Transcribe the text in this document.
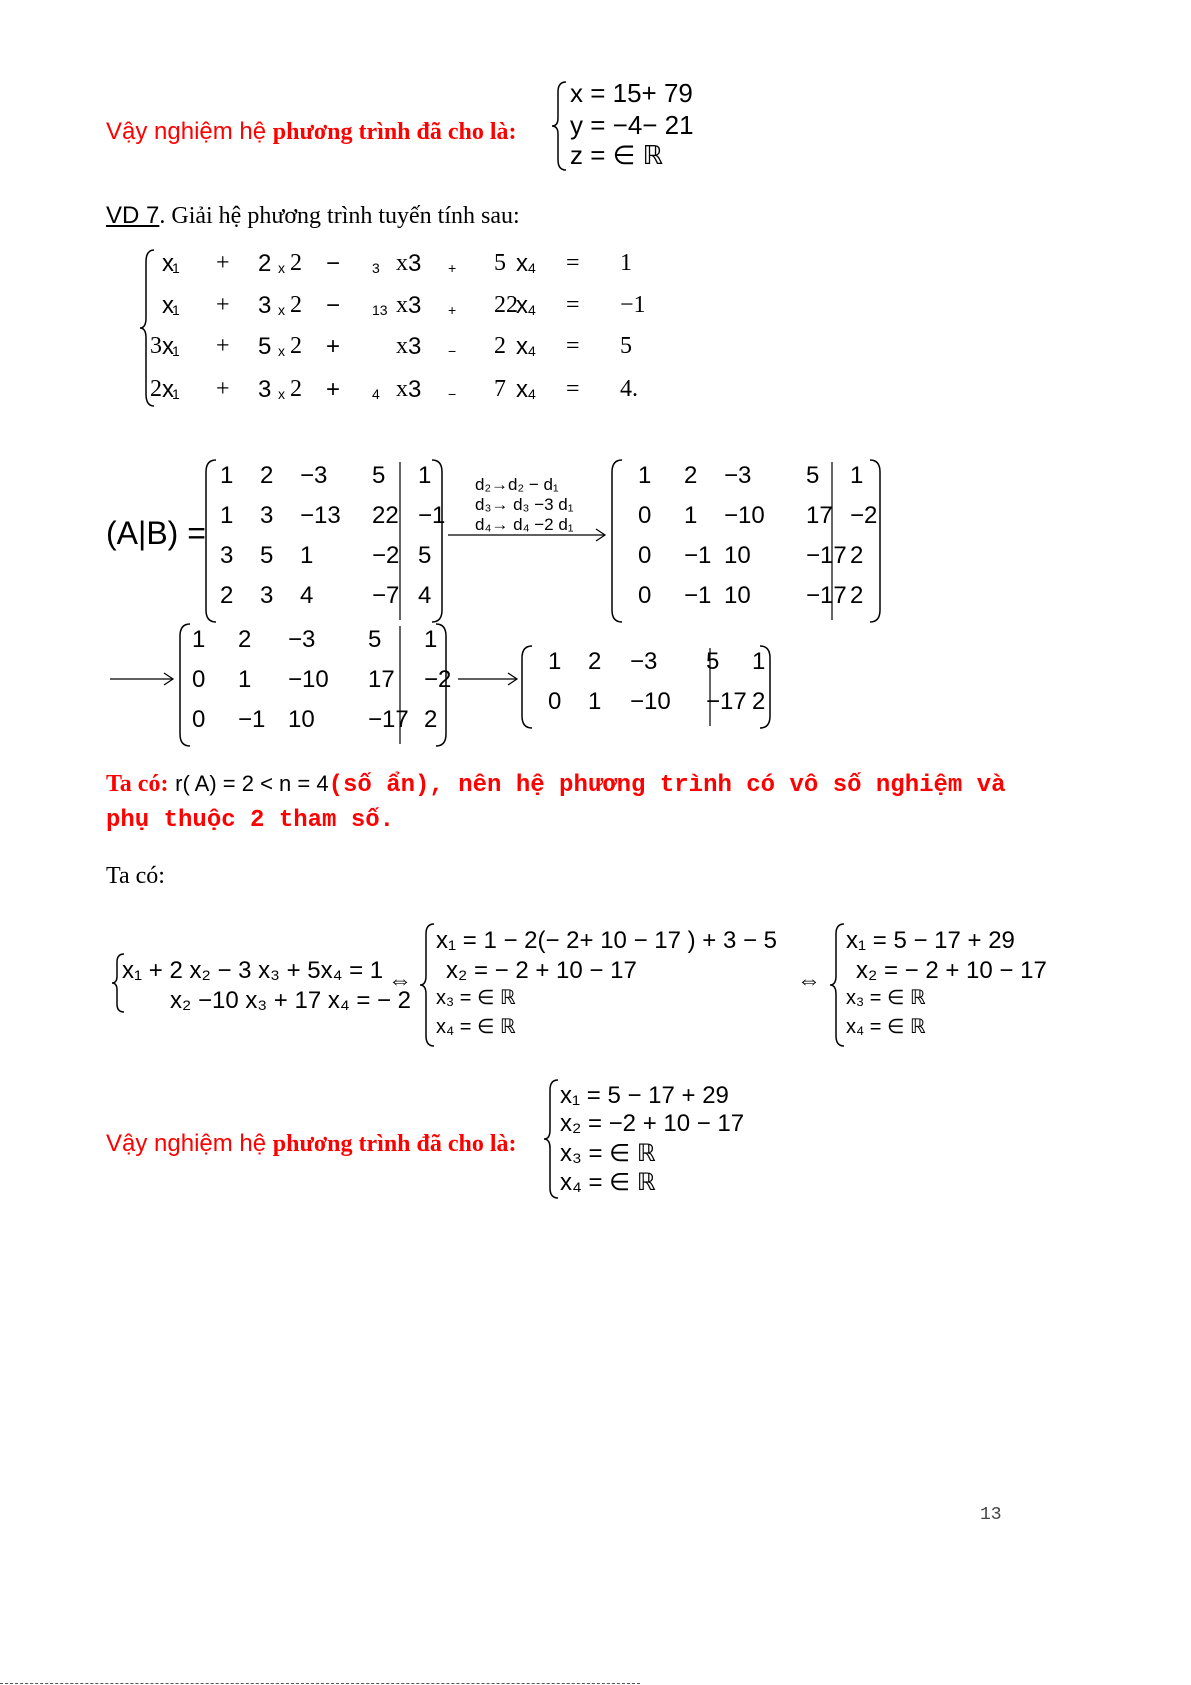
Vậy nghiệm hệ phương trình đã cho là:
x = 15+ 79
y = −4− 21
z = ∈ ℝ
VD 7. Giải hệ phương trình tuyến tính sau:
x
1 + 2 x 2 − 3 x 3 + 5 x 4 = 1
x
1 + 3 x 2 − 13 x 3 + 22
x 4 = −1
3 x
1 + 5 x 2 + x 3 − 2 x 4 = 5
2 x
1 + 3 x 2 + 4 x 3 − 7 x 4 = 4.
(A|B) =
1 2 −3 5 1
1 3 −13 22 −1
3 5 1 −2 5
2 3 4 −7 4
d₂→d₂ − d₁
d₃→ d₃ −3 d₁
d₄→ d₄ −2 d₁
1 2 −3 5 1
0 1 −10 17 −2
0 −1 10 −17 2
0 −1 10 −17 2
1 2 −3 5 1
0 1 −10 17 −2
0 −1 10 −17 2
1 2 −3 5 1
0 1 −10 −17 2
Ta có: r( A) = 2 < n = 4(số ẩn), nên hệ phương trình có vô số nghiệm và
phụ thuộc 2 tham số.
Ta có:
x₁ + 2 x₂ − 3 x₃ + 5x₄ = 1
x₂ −10 x₃ + 17 x₄ = − 2
⇔
x₁ = 1 − 2(− 2+ 10 − 17 ) + 3 − 5
x₂ = − 2 + 10 − 17
x₃ = ∈ ℝ
x₄ = ∈ ℝ
⇔
x₁ = 5 − 17 + 29
x₂ = − 2 + 10 − 17
x₃ = ∈ ℝ
x₄ = ∈ ℝ
Vậy nghiệm hệ phương trình đã cho là:
x₁ = 5 − 17 + 29
x₂ = −2 + 10 − 17
x₃ = ∈ ℝ
x₄ = ∈ ℝ
13
